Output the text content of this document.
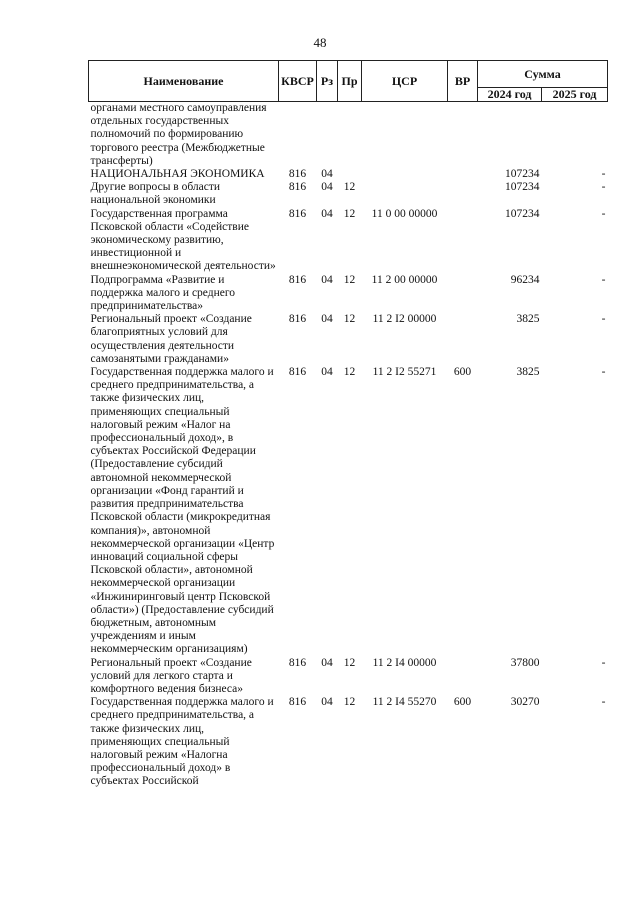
48
Наименование	КВСР	Рз	Пр	ЦСР	ВР	Сумма	
						2024 год	2025 год
органами местного самоуправления отдельных государственных полномочий по формированию торгового реестра (Межбюджетные трансферты)							
НАЦИОНАЛЬНАЯ ЭКОНОМИКА	816	04				107234	-
Другие вопросы в области национальной экономики	816	04	12			107234	-
Государственная программа Псковской области «Содействие экономическому развитию, инвестиционной и внешнеэкономической деятельности»	816	04	12	11 0 00 00000		107234	-
Подпрограмма «Развитие и поддержка малого и среднего предпринимательства»	816	04	12	11 2 00 00000		96234	-
Региональный проект «Создание благоприятных условий для осуществления деятельности самозанятыми гражданами»	816	04	12	11 2 I2 00000		3825	-
Государственная поддержка малого и среднего предпринимательства, а также физических лиц, применяющих специальный налоговый режим «Налог на профессиональный доход», в субъектах Российской Федерации (Предоставление субсидий автономной некоммерческой организации «Фонд гарантий и развития предпринимательства Псковской области (микрокредитная компания)», автономной некоммерческой организации «Центр инноваций социальной сферы Псковской области», автономной некоммерческой организации «Инжиниринговый центр Псковской области») (Предоставление субсидий бюджетным, автономным учреждениям и иным некоммерческим организациям)	816	04	12	11 2 I2 55271	600	3825	-
Региональный проект «Создание условий для легкого старта и комфортного ведения бизнеса»	816	04	12	11 2 I4 00000		37800	-
Государственная поддержка малого и среднего предпринимательства, а также физических лиц, применяющих специальный налоговый режим «Налогна профессиональный доход» в субъектах Российской	816	04	12	11 2 I4 55270	600	30270	-
